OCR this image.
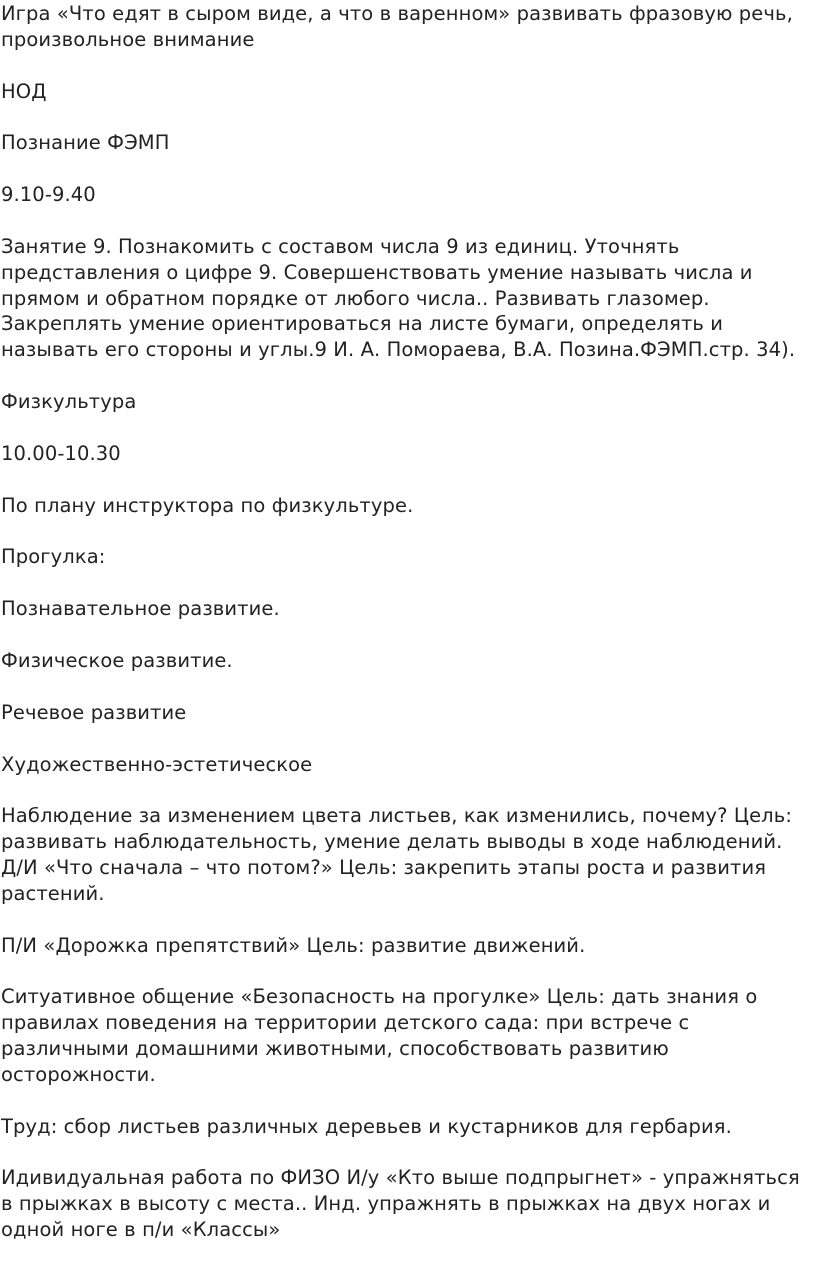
Игра «Что едят в сыром виде, а что в варенном» развивать фразовую речь, произвольное внимание

НОД

Познание ФЭМП

9.10-9.40

Занятие 9. Познакомить с составом числа 9 из единиц. Уточнять представления о цифре 9. Совершенствовать умение называть числа и прямом и обратном порядке от любого числа.. Развивать глазомер. Закреплять умение ориентироваться на листе бумаги, определять и называть его стороны и углы.9 И. А. Помораева, В.А. Позина.ФЭМП.стр. 34).

Физкультура

10.00-10.30

По плану инструктора по физкультуре.

Прогулка:

Познавательное развитие.

Физическое развитие.

Речевое развитие

Художественно-эстетическое

Наблюдение за изменением цвета листьев, как изменились, почему? Цель: развивать наблюдательность, умение делать выводы в ходе наблюдений. Д/И «Что сначала – что потом?» Цель: закрепить этапы роста и развития растений.

П/И «Дорожка препятствий» Цель: развитие движений.

Ситуативное общение «Безопасность на прогулке» Цель: дать знания о правилах поведения на территории детского сада: при встрече с различными домашними животными, способствовать развитию осторожности.

Труд: сбор листьев различных деревьев и кустарников для гербария.

Идивидуальная работа по ФИЗО И/у «Кто выше подпрыгнет» - упражняться в прыжках в высоту с места.. Инд. упражнять в прыжках на двух ногах и одной ноге в п/и «Классы»
